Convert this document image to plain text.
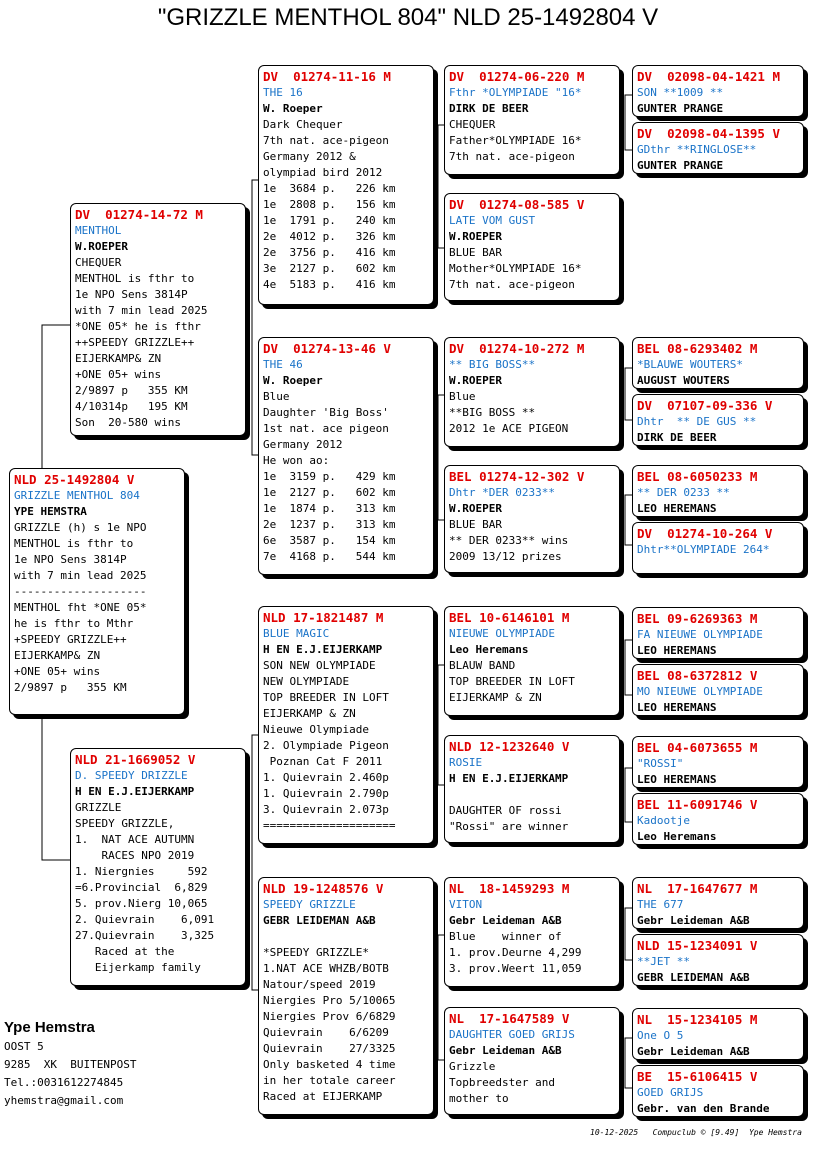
"GRIZZLE MENTHOL 804" NLD 25-1492804 V
NLD 25-1492804 V
GRIZZLE MENTHOL 804
YPE HEMSTRA
GRIZZLE (h) s 1e NPO
MENTHOL is fthr to
1e NPO Sens 3814P
with 7 min lead 2025
--------------------
MENTHOL fht *ONE 05*
he is fthr to Mthr
+SPEEDY GRIZZLE++
EIJERKAMP& ZN
+ONE 05+ wins
2/9897 p   355 KM
DV  01274-14-72 M
MENTHOL
W.ROEPER
CHEQUER
MENTHOL is fthr to
1e NPO Sens 3814P
with 7 min lead 2025
*ONE 05* he is fthr
++SPEEDY GRIZZLE++
EIJERKAMP& ZN
+ONE 05+ wins
2/9897 p   355 KM
4/10314p   195 KM
Son  20-580 wins
NLD 21-1669052 V
D. SPEEDY DRIZZLE
H EN E.J.EIJERKAMP
GRIZZLE
SPEEDY GRIZZLE,
1.  NAT ACE AUTUMN
RACES NPO 2019
1. Niergnies     592
=6.Provincial  6,829
5. prov.Nierg 10,065
2. Quievrain    6,091
27.Quievrain    3,325
Raced at the
Eijerkamp family
DV  01274-11-16 M
THE 16
W. Roeper
Dark Chequer
7th nat. ace-pigeon
Germany 2012 &
olympiad bird 2012
1e  3684 p.   226 km
1e  2808 p.   156 km
1e  1791 p.   240 km
2e  4012 p.   326 km
2e  3756 p.   416 km
3e  2127 p.   602 km
4e  5183 p.   416 km
DV  01274-13-46 V
THE 46
W. Roeper
Blue
Daughter 'Big Boss'
1st nat. ace pigeon
Germany 2012
He won ao:
1e  3159 p.   429 km
1e  2127 p.   602 km
1e  1874 p.   313 km
2e  1237 p.   313 km
6e  3587 p.   154 km
7e  4168 p.   544 km
NLD 17-1821487 M
BLUE MAGIC
H EN E.J.EIJERKAMP
SON NEW OLYMPIADE
NEW OLYMPIADE
TOP BREEDER IN LOFT
EIJERKAMP & ZN
Nieuwe Olympiade
2. Olympiade Pigeon
Poznan Cat F 2011
1. Quievrain 2.460p
1. Quievrain 2.790p
3. Quievrain 2.073p
====================
NLD 19-1248576 V
SPEEDY GRIZZLE
GEBR LEIDEMAN A&B
*SPEEDY GRIZZLE*
1.NAT ACE WHZB/BOTB
Natour/speed 2019
Niergies Pro 5/10065
Niergies Prov 6/6829
Quievrain    6/6209
Quievrain    27/3325
Only basketed 4 time
in her totale career
Raced at EIJERKAMP
DV  01274-06-220 M
Fthr *OLYMPIADE "16*
DIRK DE BEER
CHEQUER
Father*OLYMPIADE 16*
7th nat. ace-pigeon
DV  01274-08-585 V
LATE VOM GUST
W.ROEPER
BLUE BAR
Mother*OLYMPIADE 16*
7th nat. ace-pigeon
DV  01274-10-272 M
** BIG BOSS**
W.ROEPER
Blue
**BIG BOSS **
2012 1e ACE PIGEON
BEL 01274-12-302 V
Dhtr *DER 0233**
W.ROEPER
BLUE BAR
** DER 0233** wins
2009 13/12 prizes
BEL 10-6146101 M
NIEUWE OLYMPIADE
Leo Heremans
BLAUW BAND
TOP BREEDER IN LOFT
EIJERKAMP & ZN
NLD 12-1232640 V
ROSIE
H EN E.J.EIJERKAMP
DAUGHTER OF rossi
"Rossi" are winner
NL  18-1459293 M
VITON
Gebr Leideman A&B
Blue    winner of
1. prov.Deurne 4,299
3. prov.Weert 11,059
NL  17-1647589 V
DAUGHTER GOED GRIJS
Gebr Leideman A&B
Grizzle
Topbreedster and
mother to
DV  02098-04-1421 M
SON **1009 **
GUNTER PRANGE
DV  02098-04-1395 V
GDthr **RINGLOSE**
GUNTER PRANGE
BEL 08-6293402 M
*BLAUWE WOUTERS*
AUGUST WOUTERS
DV  07107-09-336 V
Dhtr  ** DE GUS **
DIRK DE BEER
BEL 08-6050233 M
** DER 0233 **
LEO HEREMANS
DV  01274-10-264 V
Dhtr**OLYMPIADE 264*
BEL 09-6269363 M
FA NIEUWE OLYMPIADE
LEO HEREMANS
BEL 08-6372812 V
MO NIEUWE OLYMPIADE
LEO HEREMANS
BEL 04-6073655 M
"ROSSI"
LEO HEREMANS
BEL 11-6091746 V
Kadootje
Leo Heremans
NL  17-1647677 M
THE 677
Gebr Leideman A&B
NLD 15-1234091 V
**JET **
GEBR LEIDEMAN A&B
NL  15-1234105 M
One O 5
Gebr Leideman A&B
BE  15-6106415 V
GOED GRIJS
Gebr. van den Brande
Ype Hemstra
OOST 5
9285  XK  BUITENPOST
Tel.:0031612274845
yhemstra@gmail.com
10-12-2025   Compuclub © [9.49]  Ype Hemstra
